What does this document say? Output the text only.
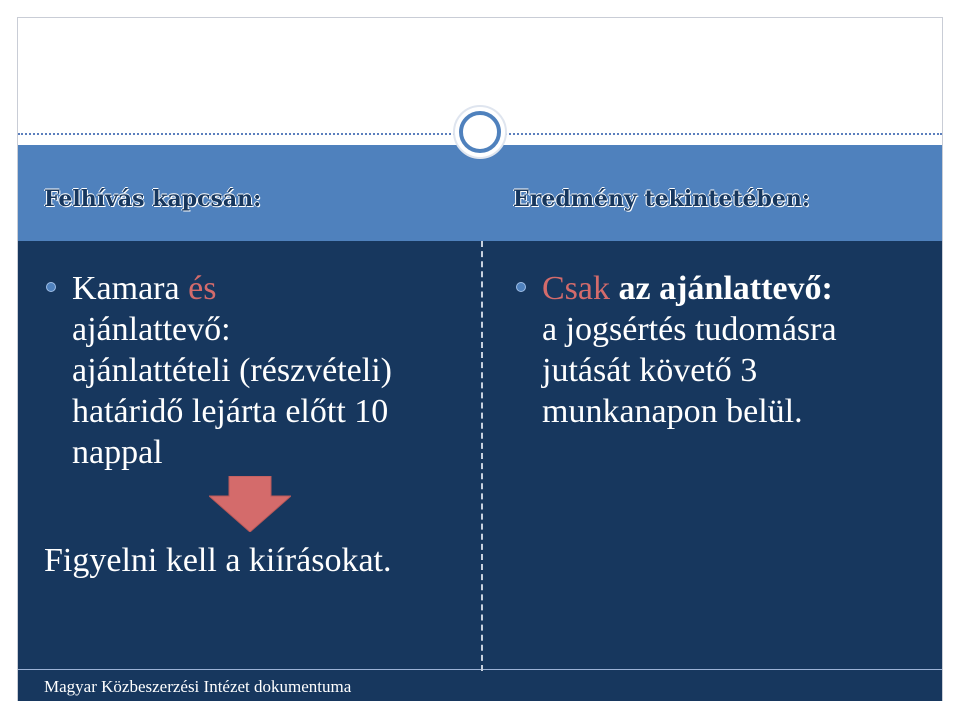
Felhívás kapcsán:	Eredmény tekintetében:
Kamara és
ajánlattevő:
ajánlattételi (részvételi)
határidő lejárta előtt 10
nappal
Figyelni kell a kiírásokat.
Csak az ajánlattevő:
a jogsértés tudomásra
jutását követő 3
munkanapon belül.
Magyar Közbeszerzési Intézet dokumentuma
